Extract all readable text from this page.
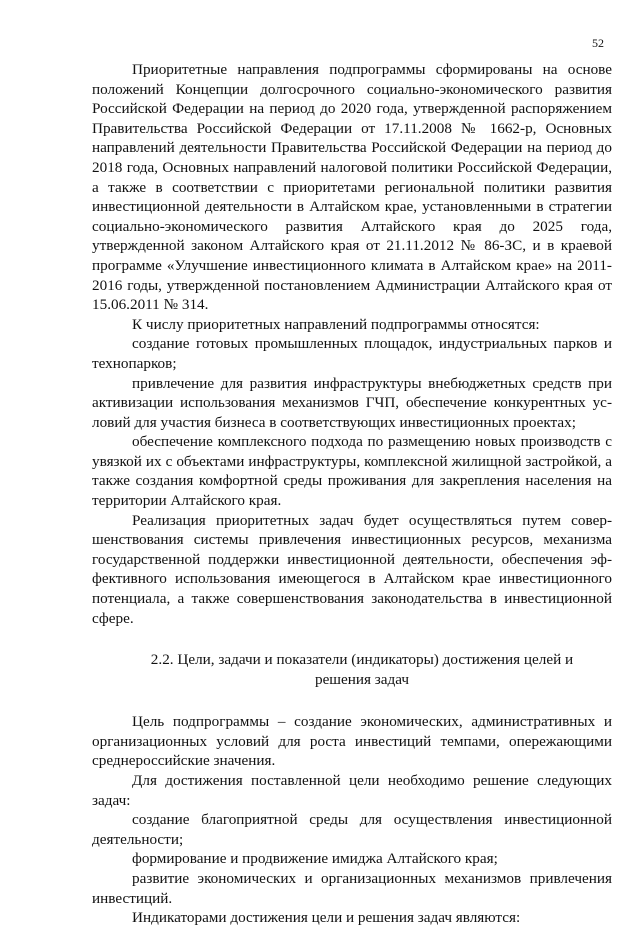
52

Приоритетные направления подпрограммы сформированы на основе положений Концепции долгосрочного социально-экономического развития Российской Федерации на период до 2020 года, утвержденной распоряжением Правительства Российской Федерации от 17.11.2008 № 1662-р, Основных направлений деятельности Правительства Российской Федерации на период до 2018 года, Основных направлений налоговой политики Российской Федерации, а также в соответствии с приоритетами региональной политики развития инвестиционной деятельности в Алтайском крае, установленными в стратегии социально-экономического развития Алтайского края до 2025 года, утвержденной законом Алтайского края от 21.11.2012 № 86-ЗС, и в краевой программе «Улучшение инвестиционного климата в Алтайском крае» на 2011-2016 годы, утвержденной постановлением Администрации Алтайского края от 15.06.2011 № 314.

К числу приоритетных направлений подпрограммы относятся:

создание готовых промышленных площадок, индустриальных парков и технопарков;

привлечение для развития инфраструктуры внебюджетных средств при активизации использования механизмов ГЧП, обеспечение конкурентных условий для участия бизнеса в соответствующих инвестиционных проектах;

обеспечение комплексного подхода по размещению новых производств с увязкой их с объектами инфраструктуры, комплексной жилищной застройкой, а также создания комфортной среды проживания для закрепления населения на территории Алтайского края.

Реализация приоритетных задач будет осуществляться путем совершенствования системы привлечения инвестиционных ресурсов, механизма государственной поддержки инвестиционной деятельности, обеспечения эффективного использования имеющегося в Алтайском крае инвестиционного потенциала, а также совершенствования законодательства в инвестиционной сфере.

2.2. Цели, задачи и показатели (индикаторы) достижения целей и решения задач

Цель подпрограммы – создание экономических, административных и организационных условий для роста инвестиций темпами, опережающими среднероссийские значения.

Для достижения поставленной цели необходимо решение следующих задач:

создание благоприятной среды для осуществления инвестиционной деятельности;

формирование и продвижение имиджа Алтайского края;

развитие экономических и организационных механизмов привлечения инвестиций.

Индикаторами достижения цели и решения задач являются:
